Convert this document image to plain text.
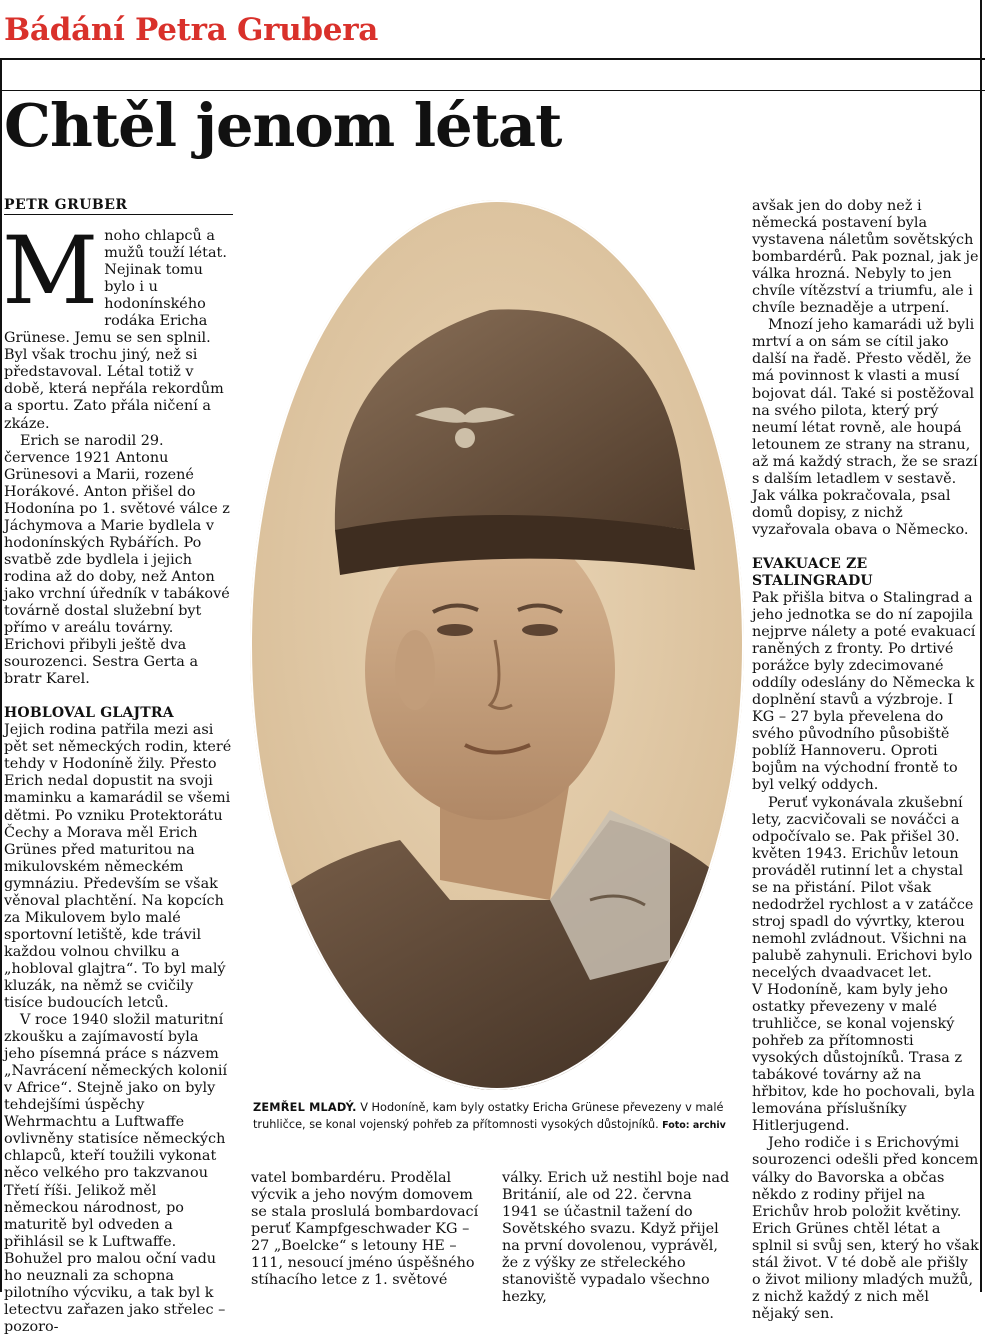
Bádání Petra Grubera
Chtěl jenom létat
PETR GRUBER

Mnoho chlapců a mužů touží létat. Nejinak tomu bylo i u hodonínského rodáka Ericha Grünese. Jemu se sen splnil. Byl však trochu jiný, než si představoval. Létal totiž v době, která nepřála rekordům a sportu. Zato přála ničení a zkáze.

Erich se narodil 29. července 1921 Antonu Grünesovi a Marii, rozené Horákové. Anton přišel do Hodonína po 1. světové válce z Jáchymova a Marie bydlela v hodonínských Rybářích. Po svatbě zde bydlela i jejich rodina až do doby, než Anton jako vrchní úředník v tabákové továrně dostal služební byt přímo v areálu továrny. Erichovi přibyli ještě dva sourozenci. Sestra Gerta a bratr Karel.

HOBLOVAL GLAJTRA

Jejich rodina patřila mezi asi pět set německých rodin, které tehdy v Hodoníně žily. Přesto Erich nedal dopustit na svoji maminku a kamarádil se všemi dětmi. Po vzniku Protektorátu Čechy a Morava měl Erich Grünes před maturitou na mikulovském německém gymnáziu. Především se však věnoval plachtění. Na kopcích za Mikulovem bylo malé sportovní letiště, kde trávil každou volnou chvilku a „hobloval glajtra“. To byl malý kluzák, na němž se cvičily tisíce budoucích letců.

V roce 1940 složil maturitní zkoušku a zajímavostí byla jeho písemná práce s názvem „Navrácení německých kolonií v Africe“. Stejně jako on byly tehdejšími úspěchy Wehrmachtu a Luftwaffe ovlivněny statisíce německých chlapců, kteří toužili vykonat něco velkého pro takzvanou Třetí říši. Jelikož měl německou národnost, po maturitě byl odveden a přihlásil se k Luftwaffe. Bohužel pro malou oční vadu ho neuznali za schopna pilotního výcviku, a tak byl k letectvu zařazen jako střelec – pozoro-

ZEMŘEL MLADÝ. V Hodoníně, kam byly ostatky Ericha Grünese převezeny v malé truhličce, se konal vojenský pohřeb za přítomnosti vysokých důstojníků. Foto: archiv

vatel bombardéru. Prodělal výcvik a jeho novým domovem se stala proslulá bombardovací peruť Kampfgeschwader KG – 27 „Boelcke“ s letouny HE – 111, nesoucí jméno úspěšného stíhacího letce z 1. světové

války. Erich už nestihl boje nad Británií, ale od 22. června 1941 se účastnil tažení do Sovětského svazu. Když přijel na první dovolenou, vyprávěl, že z výšky ze střeleckého stanoviště vypadalo všechno hezky,

avšak jen do doby než i německá postavení byla vystavena náletům sovětských bombardérů. Pak poznal, jak je válka hrozná. Nebyly to jen chvíle vítězství a triumfu, ale i chvíle beznaděje a utrpení.

Mnozí jeho kamarádi už byli mrtví a on sám se cítil jako další na řadě. Přesto věděl, že má povinnost k vlasti a musí bojovat dál. Také si postěžoval na svého pilota, který prý neumí létat rovně, ale houpá letounem ze strany na stranu, až má každý strach, že se srazí s dalším letadlem v sestavě. Jak válka pokračovala, psal domů dopisy, z nichž vyzařovala obava o Německo.

EVAKUACE ZE STALINGRADU

Pak přišla bitva o Stalingrad a jeho jednotka se do ní zapojila nejprve nálety a poté evakuací raněných z fronty. Po drtivé porážce byly zdecimované oddíly odeslány do Německa k doplnění stavů a výzbroje. I KG – 27 byla převelena do svého původního působiště poblíž Hannoveru. Oproti bojům na východní frontě to byl velký oddych.

Peruť vykonávala zkušební lety, zacvičovali se nováčci a odpočívalo se. Pak přišel 30. květen 1943. Erichův letoun prováděl rutinní let a chystal se na přistání. Pilot však nedodržel rychlost a v zatáčce stroj spadl do vývrtky, kterou nemohl zvládnout. Všichni na palubě zahynuli. Erichovi bylo necelých dvaadvacet let.

V Hodoníně, kam byly jeho ostatky převezeny v malé truhličce, se konal vojenský pohřeb za přítomnosti vysokých důstojníků. Trasa z tabákové továrny až na hřbitov, kde ho pochovali, byla lemována příslušníky Hitlerjugend.

Jeho rodiče i s Erichovými sourozenci odešli před koncem války do Bavorska a občas někdo z rodiny přijel na Erichův hrob položit květiny. Erich Grünes chtěl létat a splnil si svůj sen, který ho však stál život. V té době ale přišly o život miliony mladých mužů, z nichž každý z nich měl nějaký sen.
